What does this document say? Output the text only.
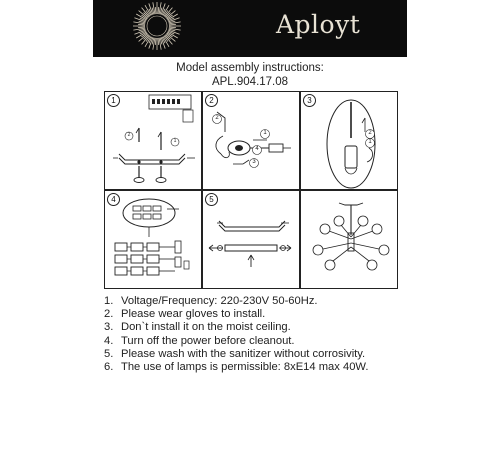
Aployt
Model assembly instructions:
APL.904.17.08
1
2
1
2
2
1
3
4
3
2
1
4	5
1. Voltage/Frequency: 220-230V 50-60Hz.
2. Please wear gloves to install.
3. Don`t install it on the moist ceiling.
4. Turn off the power before cleanout.
5. Please wash with the sanitizer without corrosivity.
6. The use of lamps is permissible: 8xE14 max 40W.
